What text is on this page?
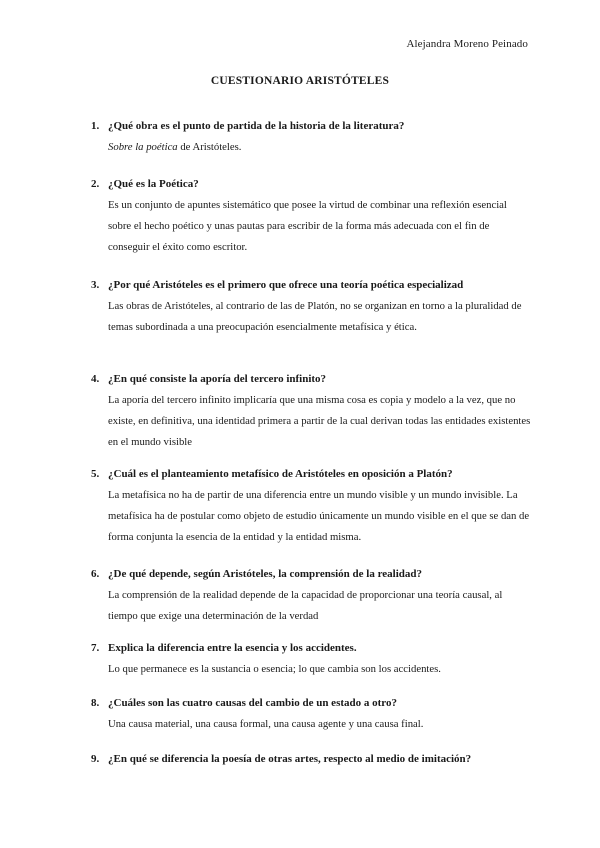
Alejandra Moreno Peinado
CUESTIONARIO ARISTÓTELES
1. ¿Qué obra es el punto de partida de la historia de la literatura?
Sobre la poética de Aristóteles.
2. ¿Qué es la Poética?
Es un conjunto de apuntes sistemático que posee la virtud de combinar una reflexión esencial sobre el hecho poético y unas pautas para escribir de la forma más adecuada con el fin de conseguir el éxito como escritor.
3. ¿Por qué Aristóteles es el primero que ofrece una teoría poética especializad
Las obras de Aristóteles, al contrario de las de Platón, no se organizan en torno a la pluralidad de temas subordinada a una preocupación esencialmente metafísica y ética.
4. ¿En qué consiste la aporía del tercero infinito?
La aporía del tercero infinito implicaría que una misma cosa es copia y modelo a la vez, que no existe, en definitiva, una identidad primera a partir de la cual derivan todas las entidades existentes en el mundo visible
5. ¿Cuál es el planteamiento metafísico de Aristóteles en oposición a Platón?
La metafísica no ha de partir de una diferencia entre un mundo visible y un mundo invisible. La metafísica ha de postular como objeto de estudio únicamente un mundo visible en el que se dan de forma conjunta la esencia de la entidad y la entidad misma.
6. ¿De qué depende, según Aristóteles, la comprensión de la realidad?
La comprensión de la realidad depende de la capacidad de proporcionar una teoría causal, al tiempo que exige una determinación de la verdad
7. Explica la diferencia entre la esencia y los accidentes.
Lo que permanece es la sustancia o esencia; lo que cambia son los accidentes.
8. ¿Cuáles son las cuatro causas del cambio de un estado a otro?
Una causa material, una causa formal, una causa agente y una causa final.
9. ¿En qué se diferencia la poesía de otras artes, respecto al medio de imitación?
